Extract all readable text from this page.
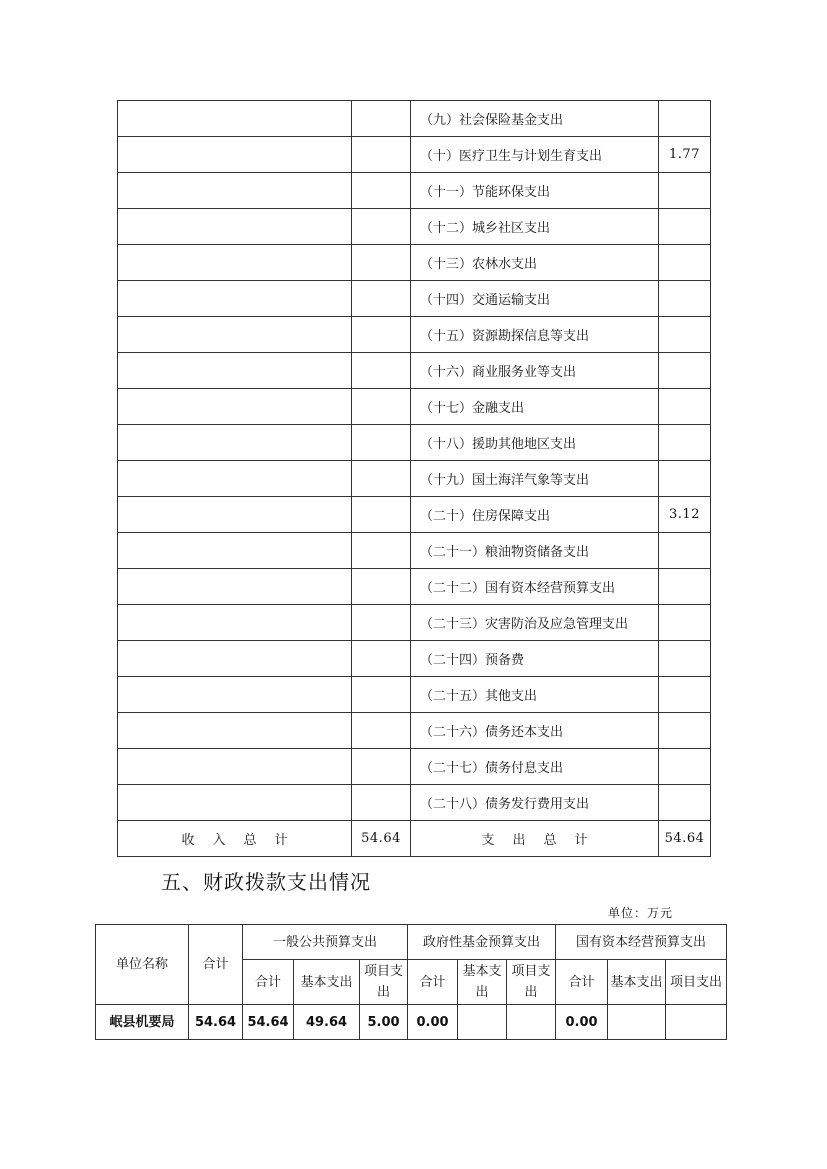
		（九）社会保险基金支出	
		（十）医疗卫生与计划生育支出	1.77
		（十一）节能环保支出	
		（十二）城乡社区支出	
		（十三）农林水支出	
		（十四）交通运输支出	
		（十五）资源勘探信息等支出	
		（十六）商业服务业等支出	
		（十七）金融支出	
		（十八）援助其他地区支出	
		（十九）国土海洋气象等支出	
		（二十）住房保障支出	3.12
		（二十一）粮油物资储备支出	
		（二十二）国有资本经营预算支出	
		（二十三）灾害防治及应急管理支出	
		（二十四）预备费	
		（二十五）其他支出	
		（二十六）债务还本支出	
		（二十七）债务付息支出	
		（二十八）债务发行费用支出	
收入总计	54.64	支出总计	54.64
五、财政拨款支出情况
单位：万元
单位名称	合计	一般公共预算支出			政府性基金预算支出			国有资本经营预算支出		
		合计	基本支出	项目支出	合计	基本支出	项目支出	合计	基本支出	项目支出
岷县机要局	54.64	54.64	49.64	5.00	0.00			0.00		
